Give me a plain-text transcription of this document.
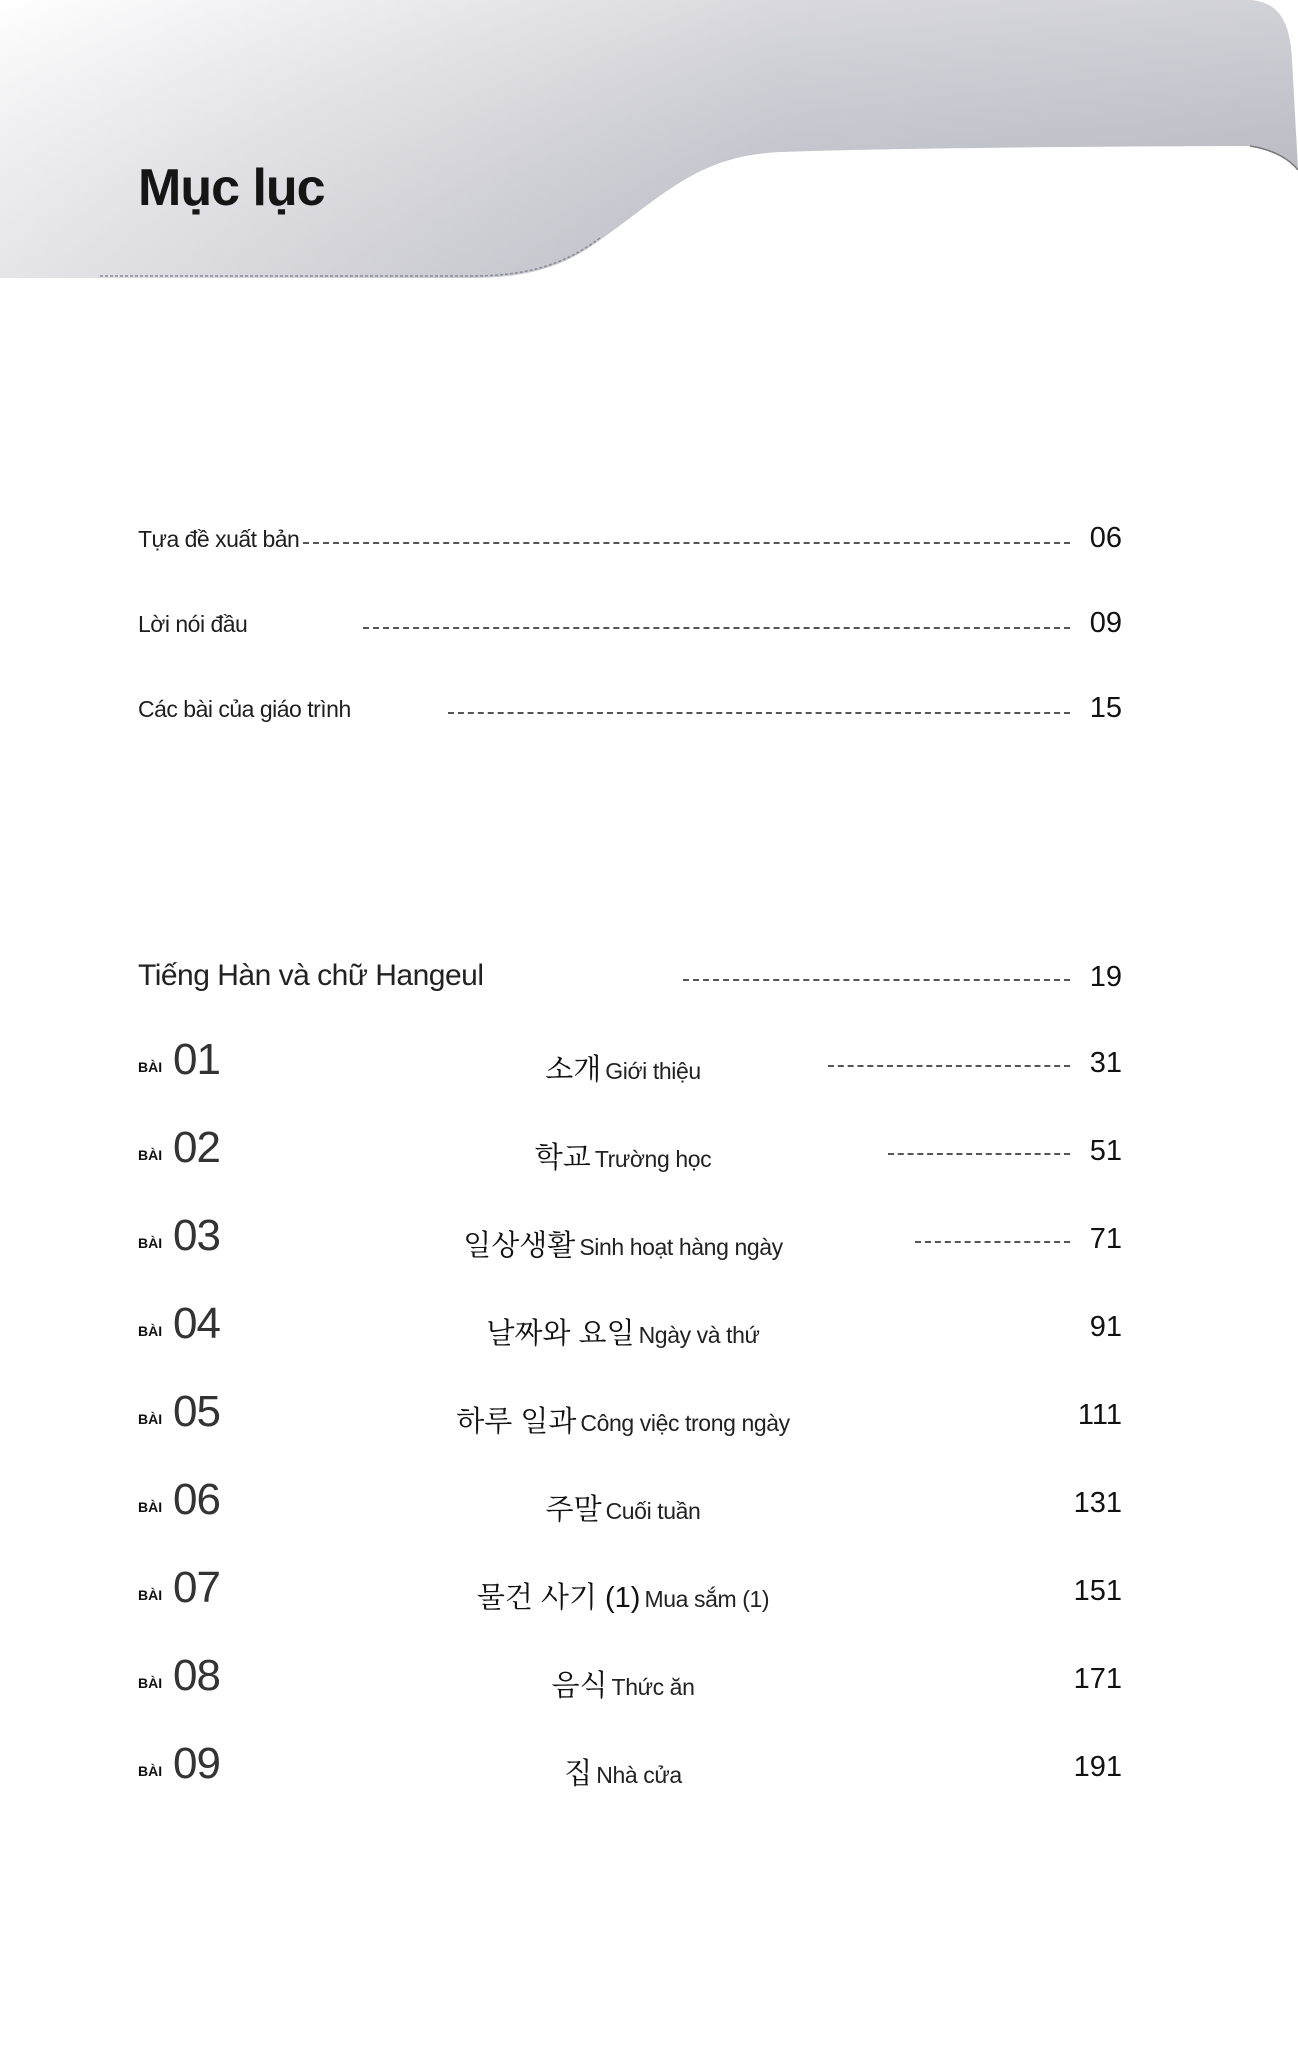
Mục lục
Tựa đề xuất bản	06
Lời nói đầu	09
Các bài của giáo trình	15
Tiếng Hàn và chữ Hangeul	19
BÀI 01	소개 Giới thiệu	31
BÀI 02	학교 Trường học	51
BÀI 03	일상생활 Sinh hoạt hàng ngày	71
BÀI 04	날짜와 요일 Ngày và thứ	91
BÀI 05	하루 일과 Công việc trong ngày	111
BÀI 06	주말 Cuối tuần	131
BÀI 07	물건 사기 (1) Mua sắm (1)	151
BÀI 08	음식 Thức ăn	171
BÀI 09	집 Nhà cửa	191
